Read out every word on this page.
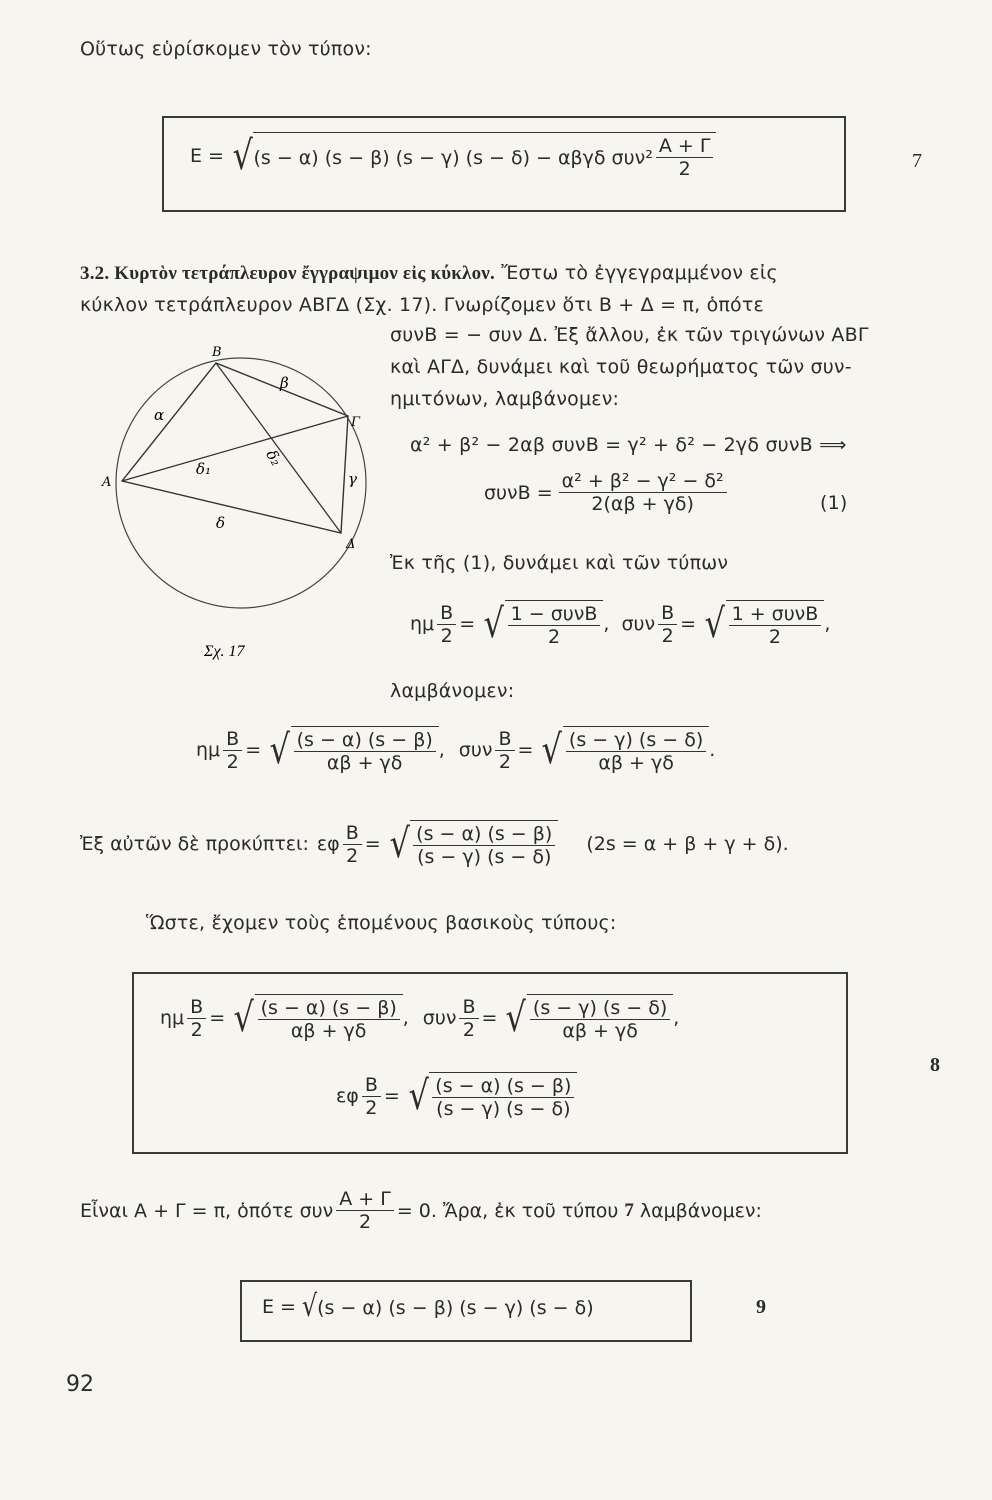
Οὕτως εὑρίσκομεν τὸν τύπον:
E = √ (s − α) (s − β) (s − γ) (s − δ) − αβγδ $\sigma\upsilon\nu^2 \frac{A + \Gamma}{2}$	7
3.2. Κυρτὸν τετράπλευρον ἔγγραψιμον εἰς κύκλον. Ἔστω τὸ ἐγγεγραμμένον εἰς
κύκλον τετράπλευρον ΑΒΓΔ (Σχ. 17). Γνωρίζομεν ὅτι Β + Δ = π, ὁπότε
συνΒ = − συν Δ. Ἐξ ἄλλου, ἐκ τῶν τριγώνων ΑΒΓ
καὶ ΑΓΔ, δυνάμει καὶ τοῦ θεωρήματος τῶν συν-
ημιτόνων, λαμβάνομεν:
B
A
Γ
Δ
α
β
γ
δ
δ₁
δ₂
Σχ. 17
α² + β² − 2αβ συνΒ = γ² + δ² − 2γδ συνΒ ⟹
$\sigma\upsilon\nu B = \frac{\text{α² + β² − γ² − δ²}}{2(\alpha\beta + \gamma\delta)}$	(1)
Ἐκ τῆς (1), δυνάμει καὶ τῶν τύπων
ημ $\frac{B}{2}$ = √ $\frac{\text{1 − συνΒ}}{2}$ , συν $\frac{B}{2}$ = √ $\frac{\text{1 + συνΒ}}{2}$ ,
λαμβάνομεν:
ημ $\frac{B}{2}$ = √ $\frac{(s - \alpha) (s - \beta)}{\alpha\beta + \gamma\delta}$ , συν $\frac{B}{2}$ = √ $\frac{(s - \gamma) (s - \delta)}{\alpha\beta + \gamma\delta}$ .
Ἐξ αὐτῶν δὲ προκύπτει: εφ $\frac{B}{2}$ = √ $\frac{(s - \alpha) (s - \beta)}{(s - \gamma) (s - \delta)} (2s = \alpha + \beta + \gamma + \delta)$.
Ὥστε, ἔχομεν τοὺς ἑπομένους βασικοὺς τύπους:
ημ $\frac{B}{2}$ = √ $\frac{(s - \alpha) (s - \beta)}{\alpha\beta + \gamma\delta}$ , συν $\frac{B}{2}$ = √ $\frac{(s - \gamma) (s - \delta)}{\alpha\beta + \gamma\delta}$ ,
εφ $\frac{B}{2}$ = √ $\frac{(s - \alpha) (s - \beta)}{(s - \gamma) (s - \delta)}$
8
Εἶναι Α + Γ = π, ὁπότε συν $\frac{A + \Gamma}{2} = 0$. Ἄρα, ἐκ τοῦ τύπου 7 λαμβάνομεν:
E = √ (s − α) (s − β) (s − γ) (s − δ)	9
92
